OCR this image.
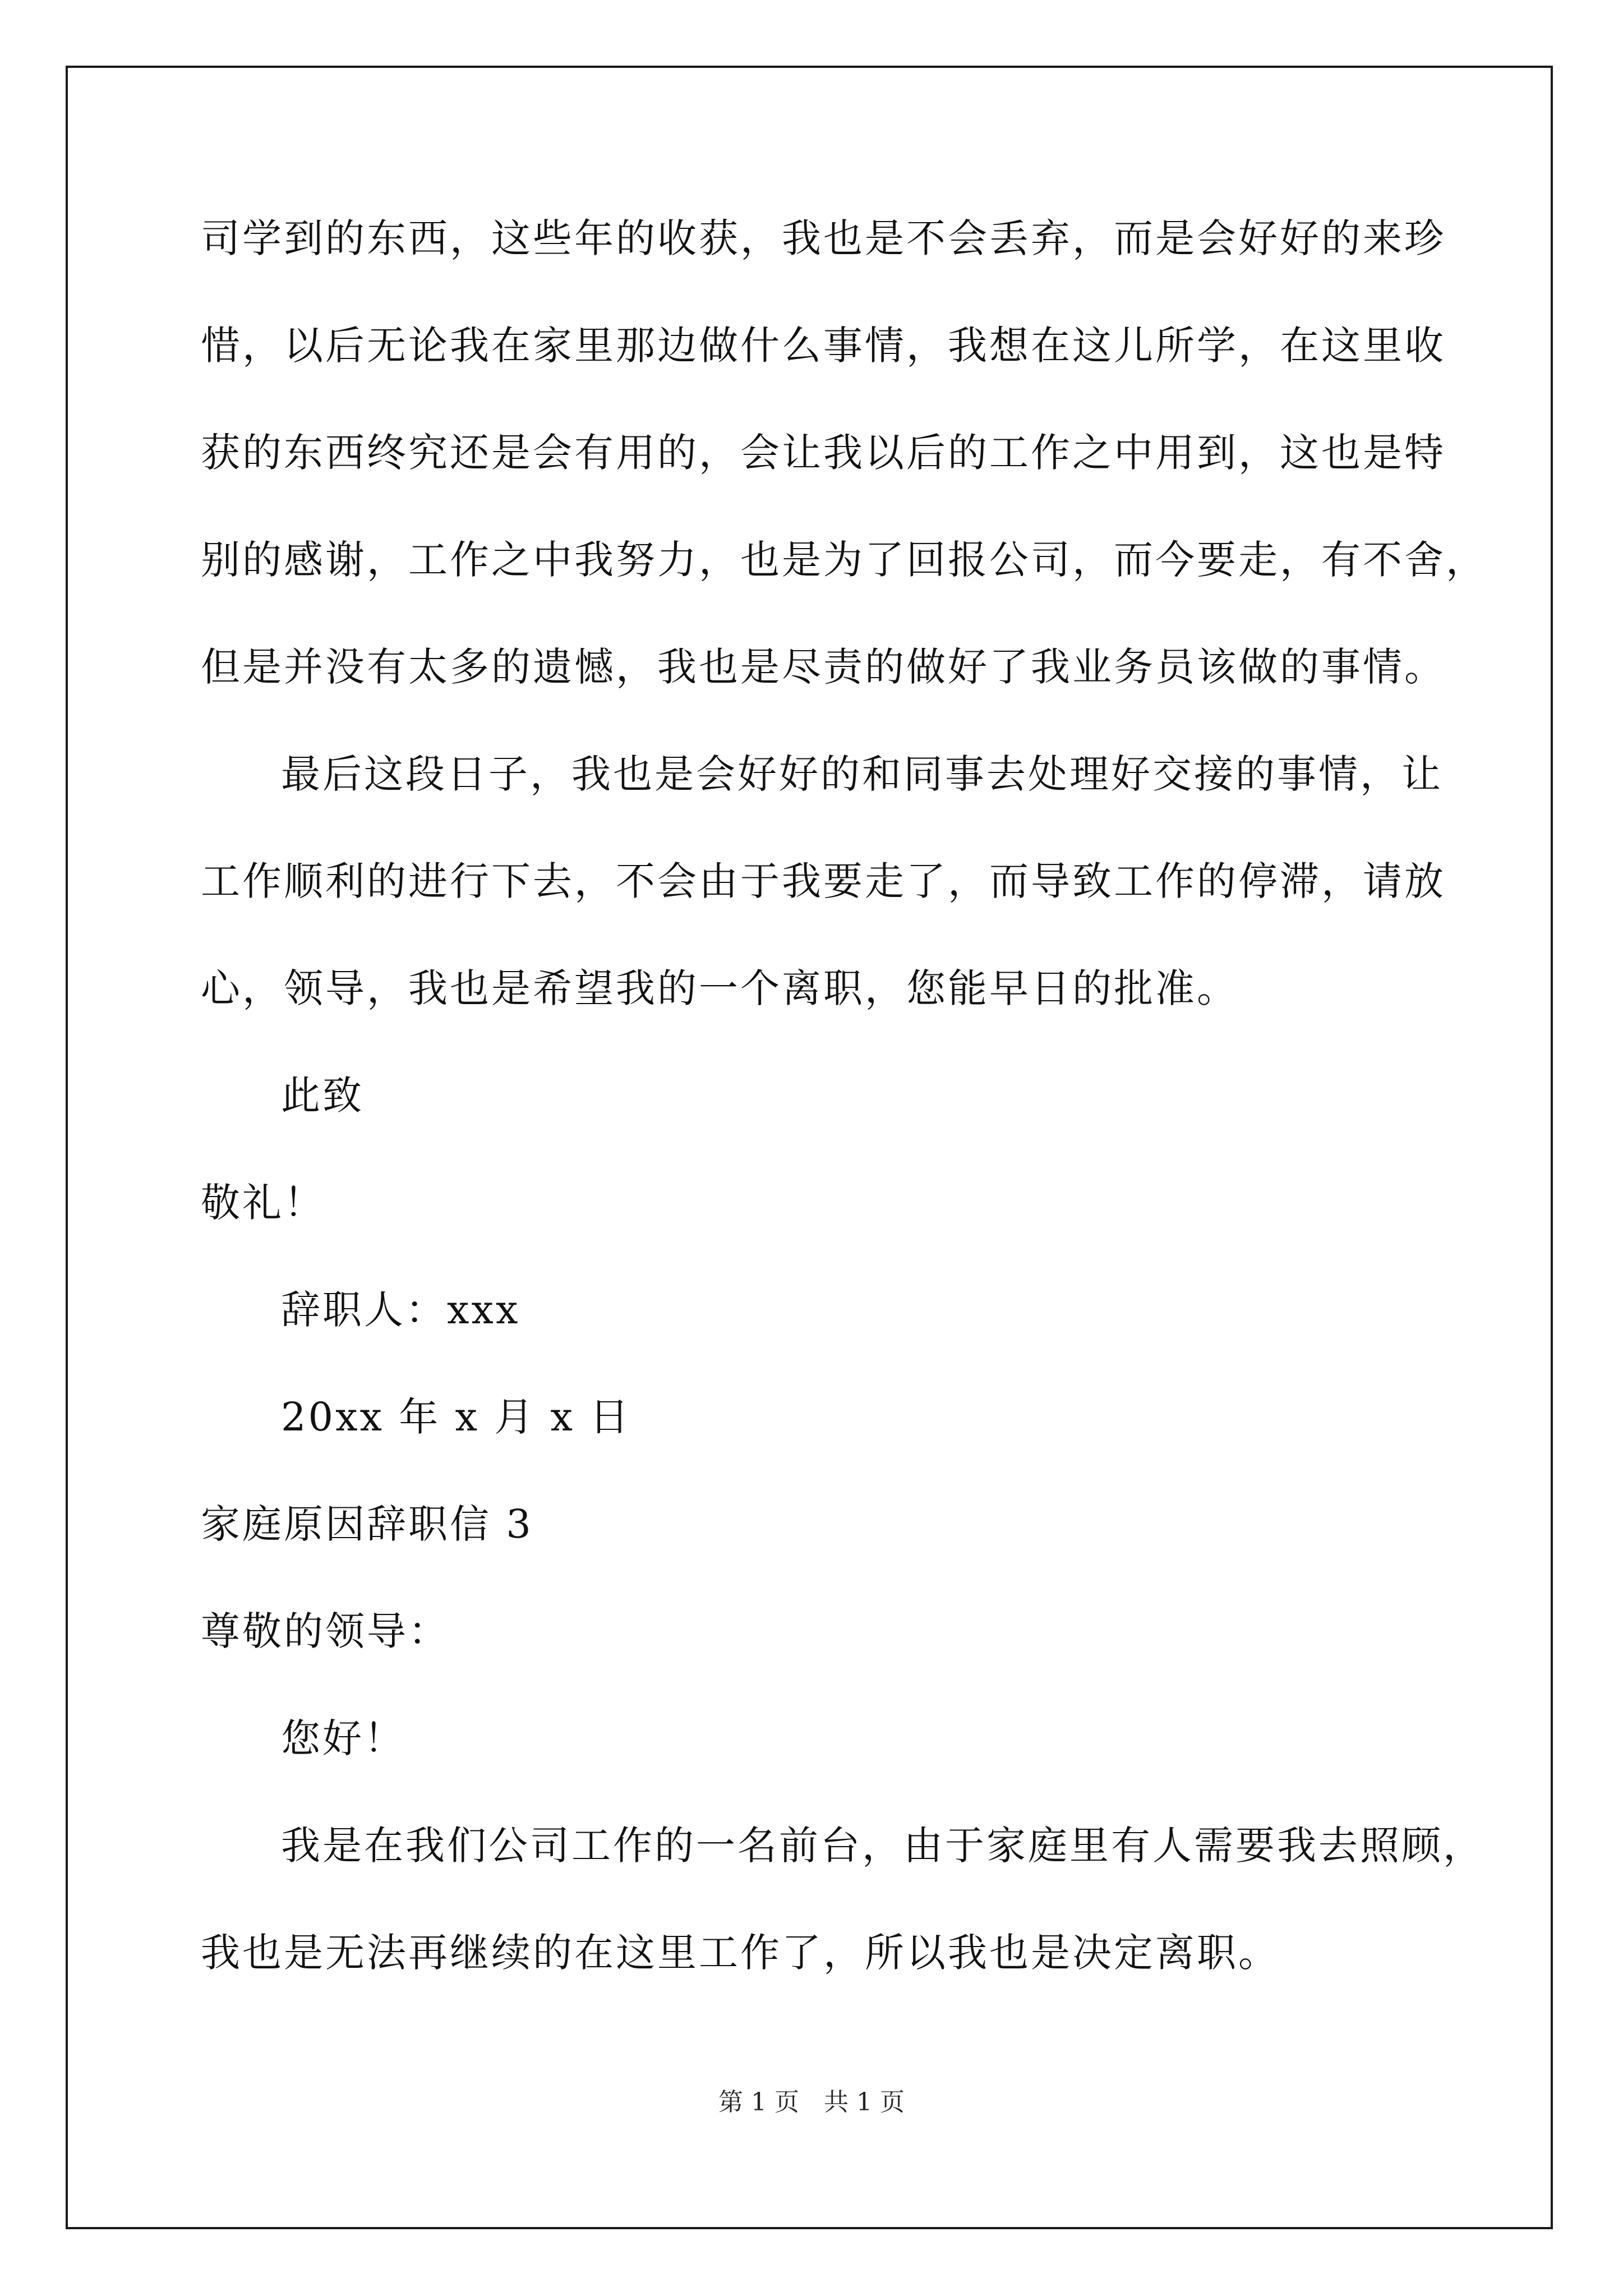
司学到的东西，这些年的收获，我也是不会丢弃，而是会好好的来珍
惜，以后无论我在家里那边做什么事情，我想在这儿所学，在这里收
获的东西终究还是会有用的，会让我以后的工作之中用到，这也是特
别的感谢，工作之中我努力，也是为了回报公司，而今要走，有不舍，
但是并没有太多的遗憾，我也是尽责的做好了我业务员该做的事情。
最后这段日子，我也是会好好的和同事去处理好交接的事情，让
工作顺利的进行下去，不会由于我要走了，而导致工作的停滞，请放
心，领导，我也是希望我的一个离职，您能早日的批准。
此致
敬礼！
辞职人：xxx
20xx 年 x 月 x 日
家庭原因辞职信 3
尊敬的领导：
您好！
我是在我们公司工作的一名前台，由于家庭里有人需要我去照顾，
我也是无法再继续的在这里工作了，所以我也是决定离职。
第 1 页 共 1 页
